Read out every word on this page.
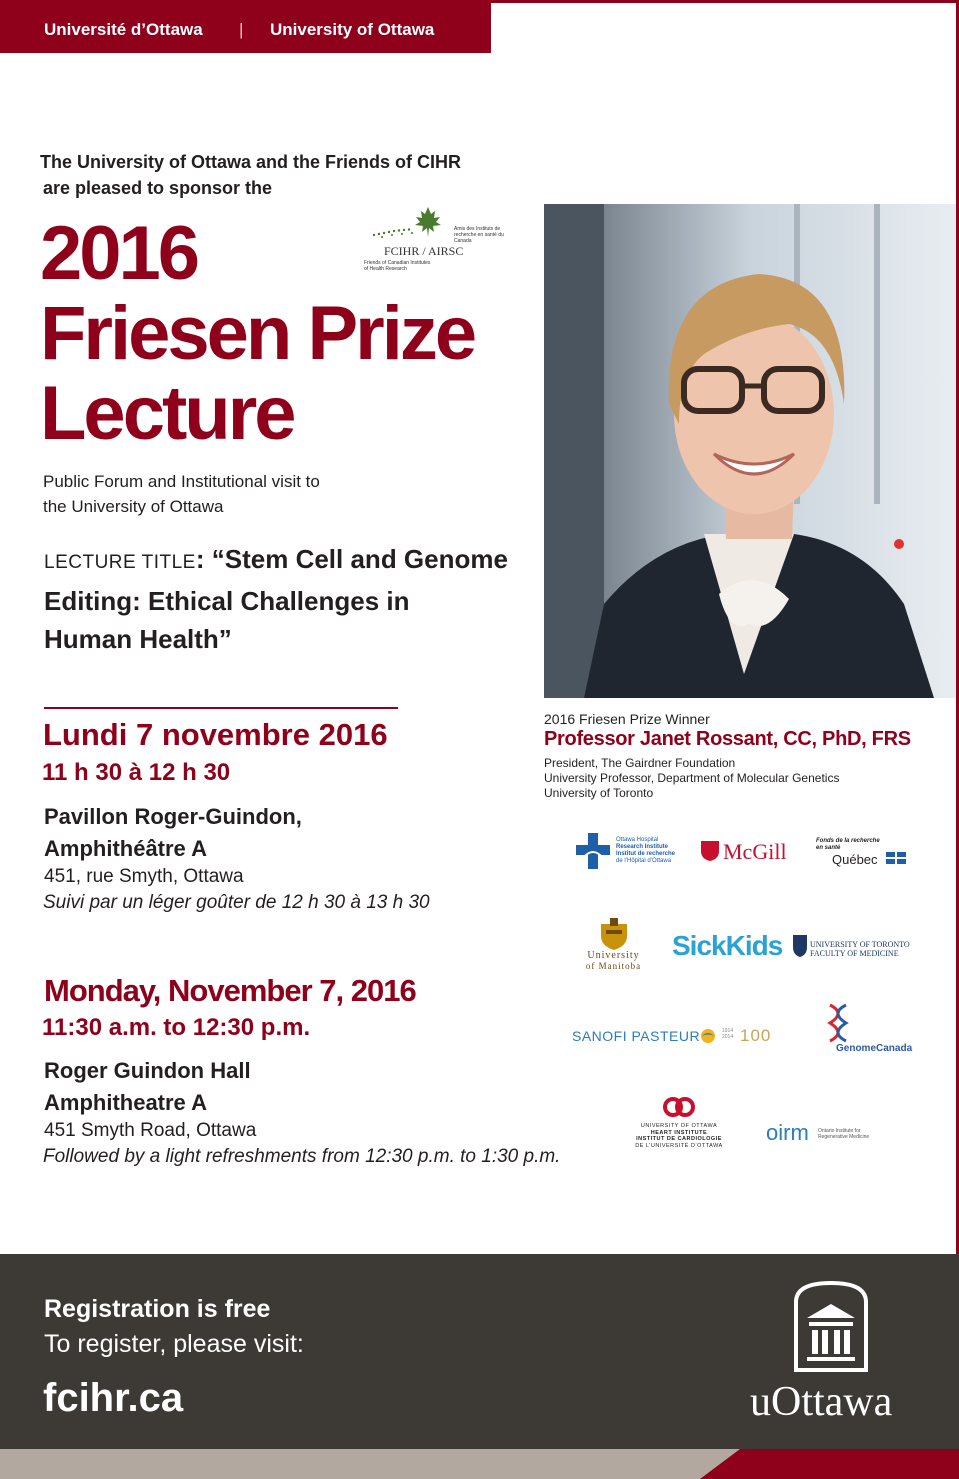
Université d’Ottawa | University of Ottawa
The University of Ottawa and the Friends of CIHR
are pleased to sponsor the
2016
Friesen Prize
Lecture
Amis des Instituts de recherche en santé du Canada
FCIHR / AIRSC
Friends of Canadian Institutes of Health Research
Public Forum and Institutional visit to
the University of Ottawa
LECTURE TITLE: “Stem Cell and Genome
Editing: Ethical Challenges in
Human Health”
Lundi 7 novembre 2016
11 h 30 à 12 h 30
Pavillon Roger-Guindon,
Amphithéâtre A
451, rue Smyth, Ottawa
Suivi par un léger goûter de 12 h 30 à 13 h 30
Monday, November 7, 2016
11:30 a.m. to 12:30 p.m.
Roger Guindon Hall
Amphitheatre A
451 Smyth Road, Ottawa
Followed by a light refreshments from 12:30 p.m. to 1:30 p.m.
2016 Friesen Prize Winner
Professor Janet Rossant, CC, PhD, FRS
President, The Gairdner Foundation
University Professor, Department of Molecular Genetics
University of Toronto
Ottawa Hospital
Research Institute
Institut de recherche
de l’Hôpital d’Ottawa McGill	Fonds de la recherche
en santé
Québec
University
of Manitoba
SickKids	UNIVERSITY OF TORONTO
FACULTY OF MEDICINE
SANOFI PASTEUR	1914
2014 100
GenomeCanada
UNIVERSITY OF OTTAWA
HEART INSTITUTE
INSTITUT DE CARDIOLOGIE
DE L’UNIVERSITÉ D’OTTAWA
oirm Ontario Institute for
Regenerative Medicine
Registration is free
To register, please visit:
fcihr.ca	uOttawa
